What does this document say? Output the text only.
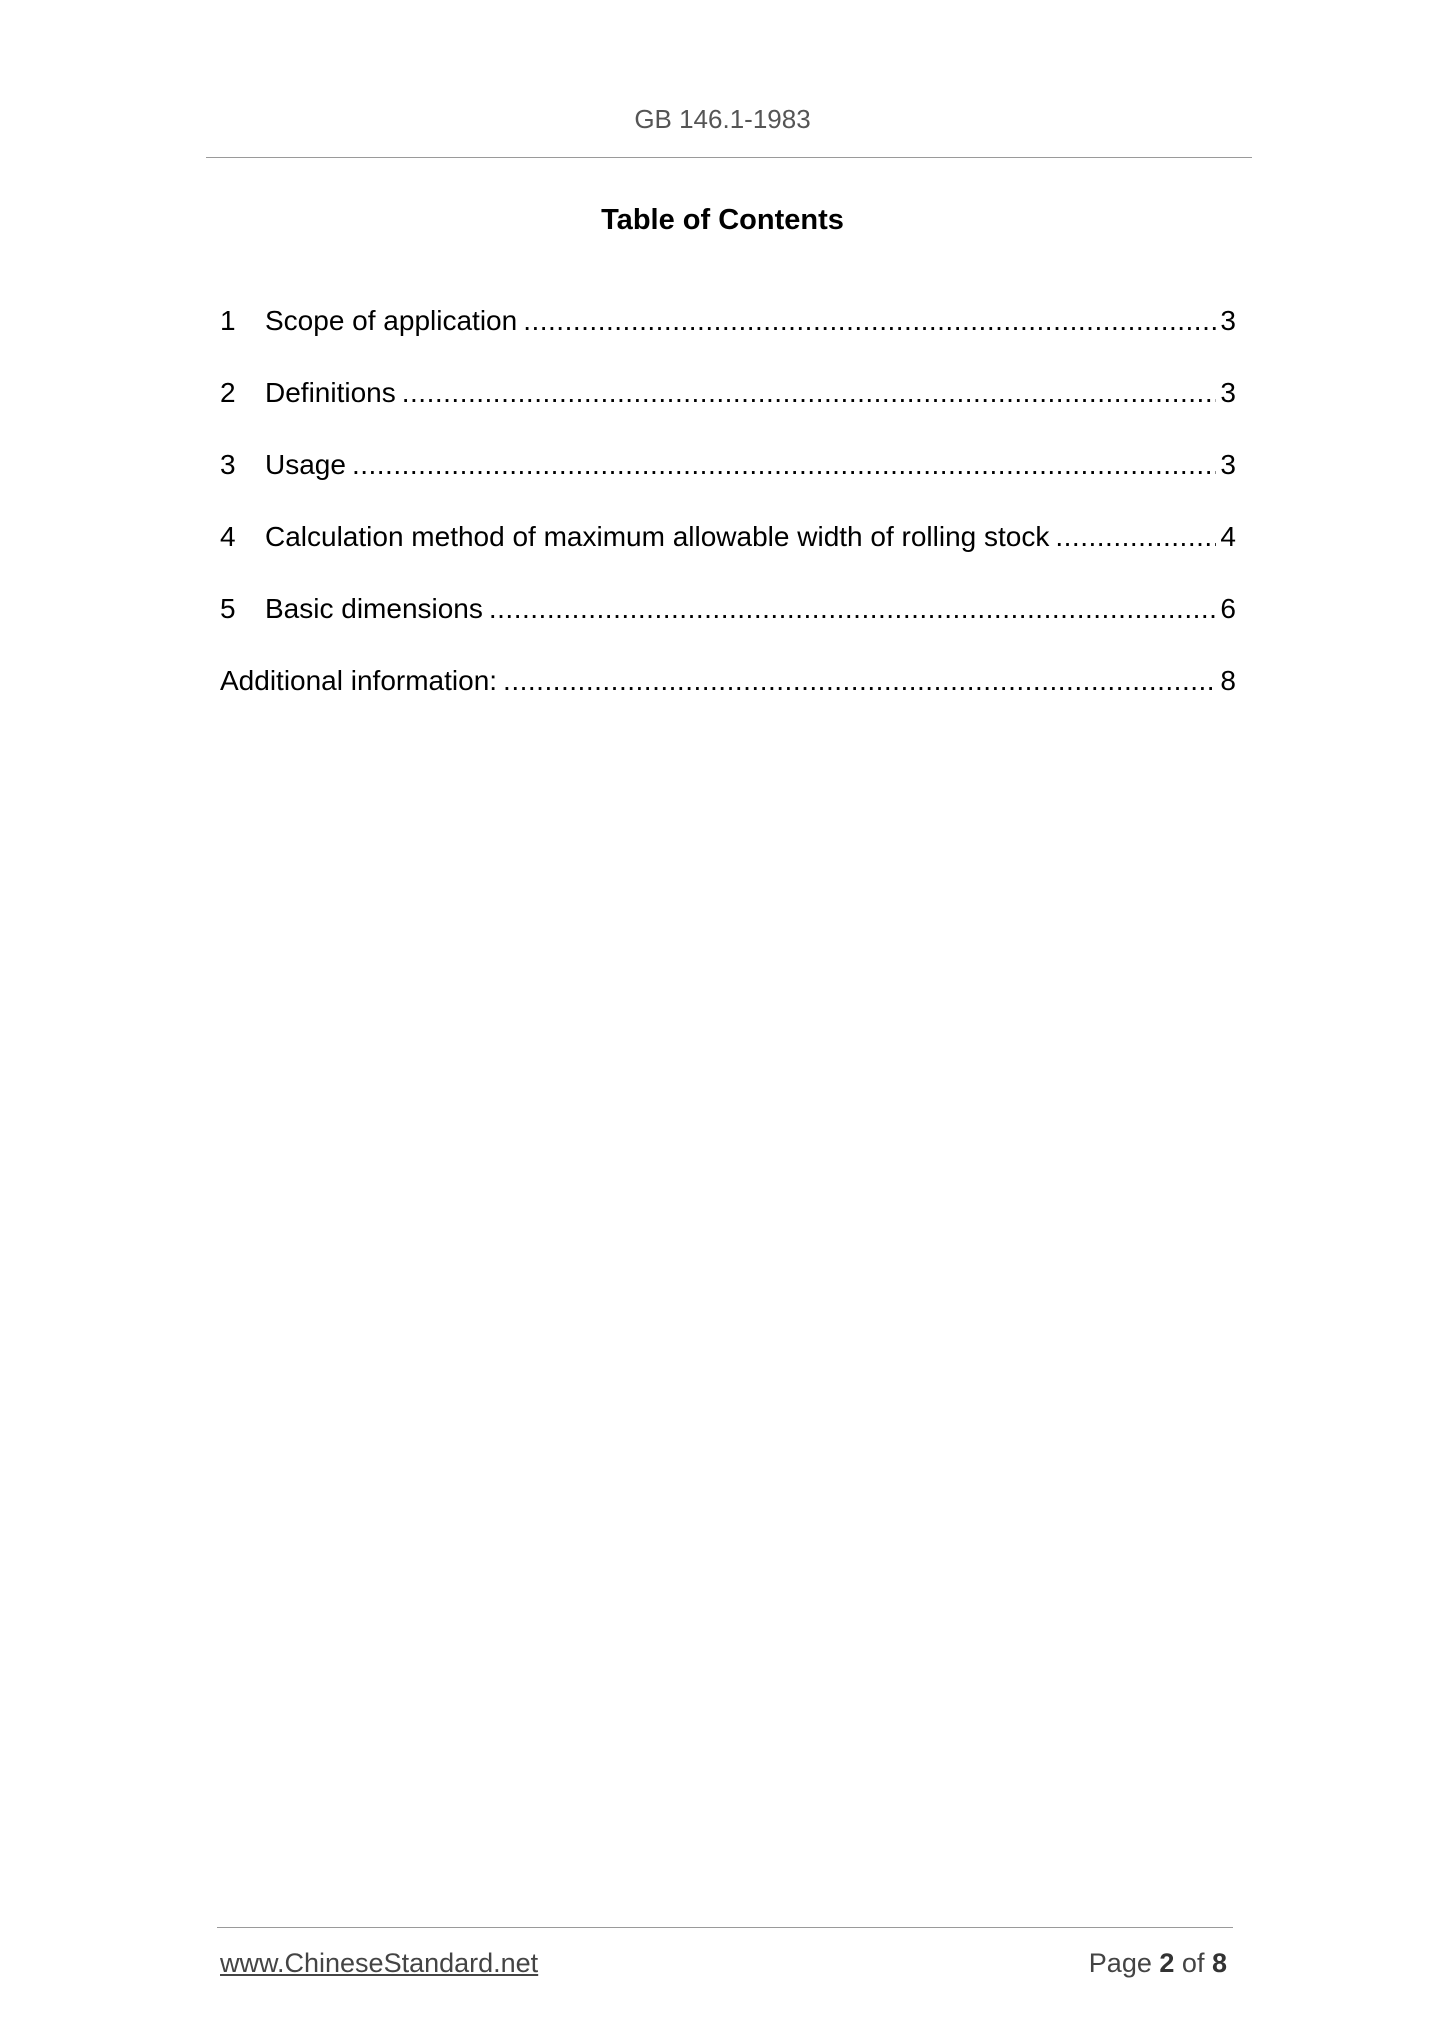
GB 146.1-1983
Table of Contents
1	Scope of application .....	3
2	Definitions .....	3
3	Usage .....	3
4	Calculation method of maximum allowable width of rolling stock .....	4
5	Basic dimensions .....	6
Additional information: .....	8
www.ChineseStandard.net	Page 2 of 8
